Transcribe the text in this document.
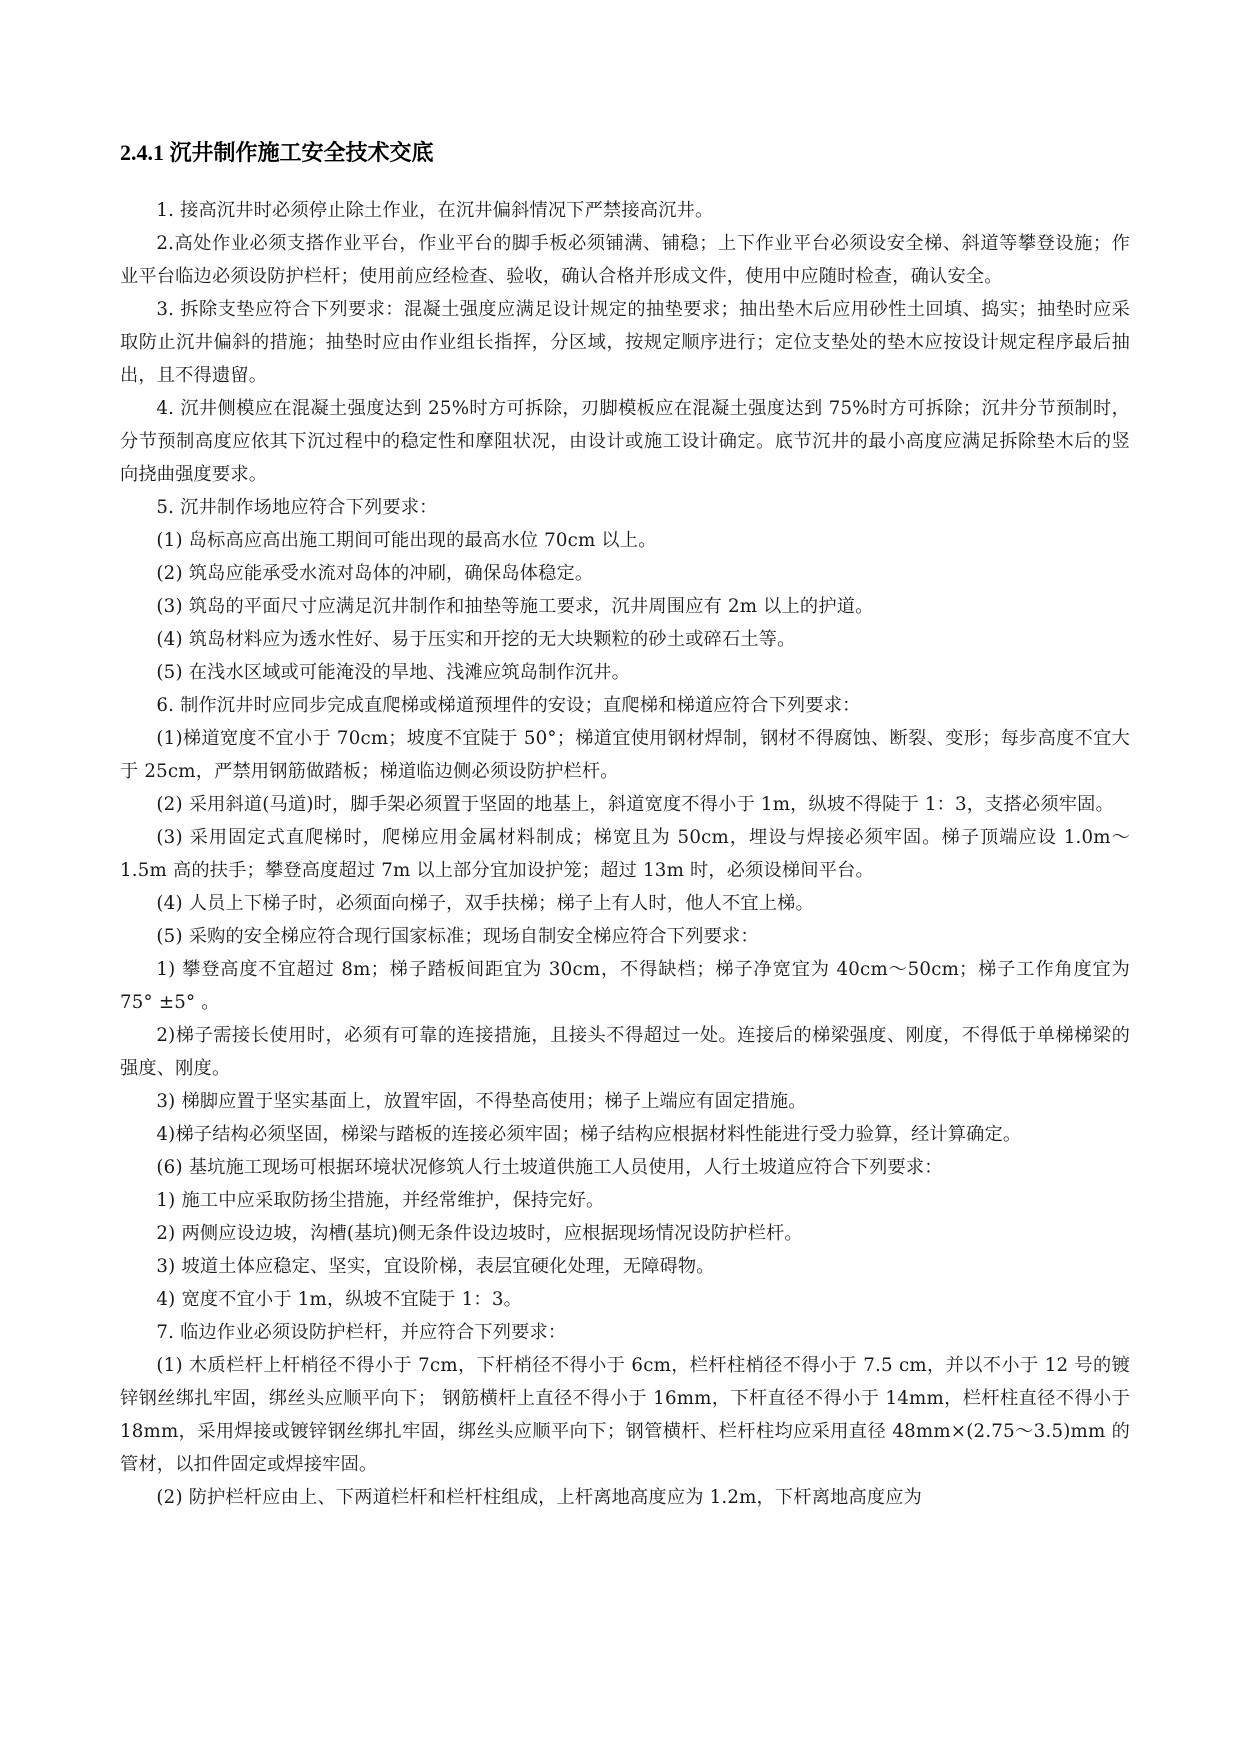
2.4.1 沉井制作施工安全技术交底

1. 接高沉井时必须停止除土作业，在沉井偏斜情况下严禁接高沉井。

2.高处作业必须支搭作业平台，作业平台的脚手板必须铺满、铺稳；上下作业平台必须设安全梯、斜道等攀登设施；作业平台临边必须设防护栏杆；使用前应经检查、验收，确认合格并形成文件，使用中应随时检查，确认安全。

3. 拆除支垫应符合下列要求：混凝土强度应满足设计规定的抽垫要求；抽出垫木后应用砂性土回填、捣实；抽垫时应采取防止沉井偏斜的措施；抽垫时应由作业组长指挥，分区域，按规定顺序进行；定位支垫处的垫木应按设计规定程序最后抽出，且不得遗留。

4. 沉井侧模应在混凝土强度达到 25%时方可拆除，刃脚模板应在混凝土强度达到 75%时方可拆除；沉井分节预制时，分节预制高度应依其下沉过程中的稳定性和摩阻状况，由设计或施工设计确定。底节沉井的最小高度应满足拆除垫木后的竖向挠曲强度要求。

5. 沉井制作场地应符合下列要求：

(1) 岛标高应高出施工期间可能出现的最高水位 70cm 以上。

(2) 筑岛应能承受水流对岛体的冲刷，确保岛体稳定。

(3) 筑岛的平面尺寸应满足沉井制作和抽垫等施工要求，沉井周围应有 2m 以上的护道。

(4) 筑岛材料应为透水性好、易于压实和开挖的无大块颗粒的砂土或碎石土等。

(5) 在浅水区域或可能淹没的旱地、浅滩应筑岛制作沉井。

6. 制作沉井时应同步完成直爬梯或梯道预埋件的安设；直爬梯和梯道应符合下列要求：

(1)梯道宽度不宜小于 70cm；坡度不宜陡于 50°；梯道宜使用钢材焊制，钢材不得腐蚀、断裂、变形；每步高度不宜大于 25cm，严禁用钢筋做踏板；梯道临边侧必须设防护栏杆。

(2) 采用斜道(马道)时，脚手架必须置于坚固的地基上，斜道宽度不得小于 1m，纵坡不得陡于 1：3，支搭必须牢固。

(3) 采用固定式直爬梯时，爬梯应用金属材料制成；梯宽且为 50cm，埋设与焊接必须牢固。梯子顶端应设 1.0m～1.5m 高的扶手；攀登高度超过 7m 以上部分宜加设护笼；超过 13m 时，必须设梯间平台。

(4) 人员上下梯子时，必须面向梯子，双手扶梯；梯子上有人时，他人不宜上梯。

(5) 采购的安全梯应符合现行国家标准；现场自制安全梯应符合下列要求：

1) 攀登高度不宜超过 8m；梯子踏板间距宜为 30cm，不得缺档；梯子净宽宜为 40cm～50cm；梯子工作角度宜为 75° ±5° 。

2)梯子需接长使用时，必须有可靠的连接措施，且接头不得超过一处。连接后的梯梁强度、刚度，不得低于单梯梯梁的强度、刚度。

3) 梯脚应置于坚实基面上，放置牢固，不得垫高使用；梯子上端应有固定措施。

4)梯子结构必须坚固，梯梁与踏板的连接必须牢固；梯子结构应根据材料性能进行受力验算，经计算确定。

(6) 基坑施工现场可根据环境状况修筑人行土坡道供施工人员使用，人行土坡道应符合下列要求：

1) 施工中应采取防扬尘措施，并经常维护，保持完好。

2) 两侧应设边坡，沟槽(基坑)侧无条件设边坡时，应根据现场情况设防护栏杆。

3) 坡道土体应稳定、坚实，宜设阶梯，表层宜硬化处理，无障碍物。

4) 宽度不宜小于 1m，纵坡不宜陡于 1：3。

7. 临边作业必须设防护栏杆，并应符合下列要求：

(1) 木质栏杆上杆梢径不得小于 7cm，下杆梢径不得小于 6cm，栏杆柱梢径不得小于 7.5 cm，并以不小于 12 号的镀锌钢丝绑扎牢固，绑丝头应顺平向下； 钢筋横杆上直径不得小于 16mm，下杆直径不得小于 14mm，栏杆柱直径不得小于 18mm，采用焊接或镀锌钢丝绑扎牢固，绑丝头应顺平向下；钢管横杆、栏杆柱均应采用直径 48mm×(2.75～3.5)mm 的管材，以扣件固定或焊接牢固。

(2) 防护栏杆应由上、下两道栏杆和栏杆柱组成，上杆离地高度应为 1.2m，下杆离地高度应为
